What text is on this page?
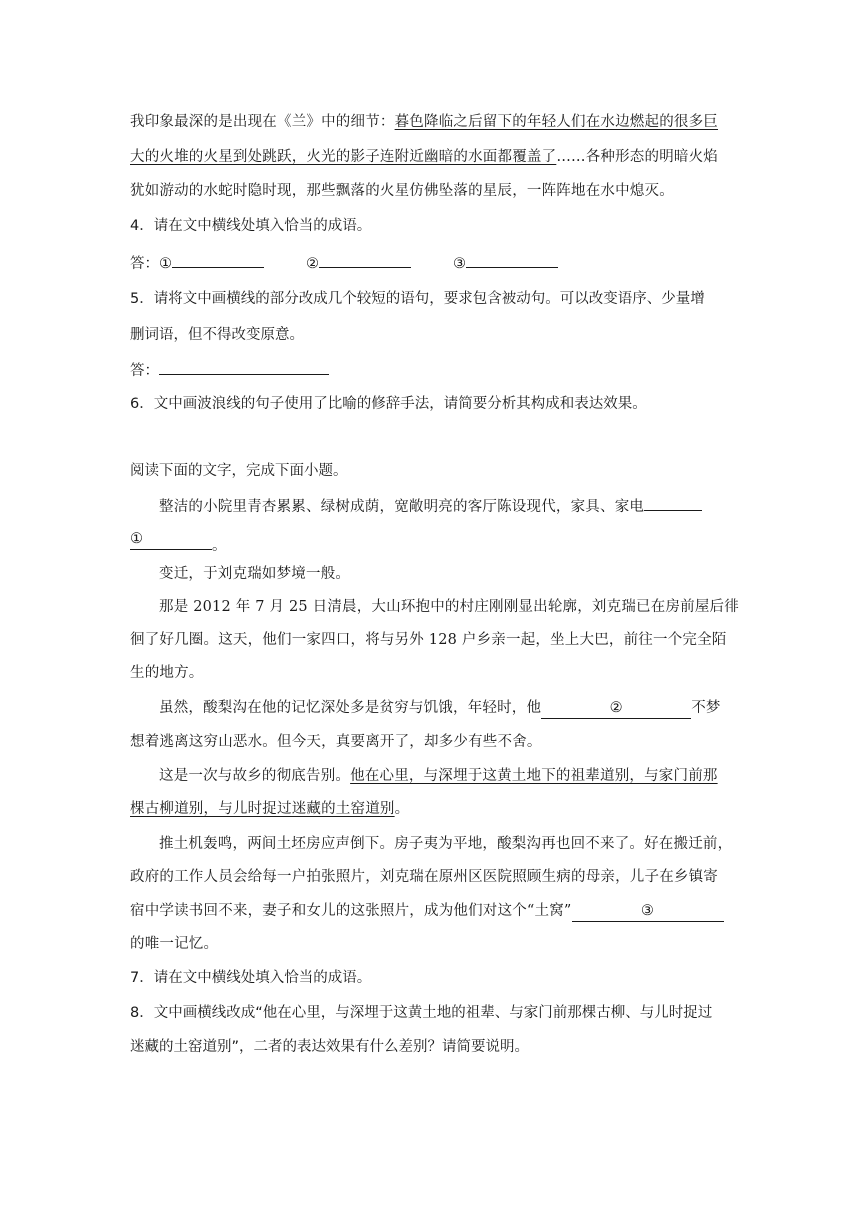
我印象最深的是出现在《兰》中的细节：暮色降临之后留下的年轻人们在水边燃起的很多巨
大的火堆的火星到处跳跃，火光的影子连附近幽暗的水面都覆盖了……各种形态的明暗火焰
犹如游动的水蛇时隐时现，那些飘落的火星仿佛坠落的星辰，一阵阵地在水中熄灭。
4．请在文中横线处填入恰当的成语。
答：①	②	③
5．请将文中画横线的部分改成几个较短的语句，要求包含被动句。可以改变语序、少量增
删词语，但不得改变原意。
答：
6．文中画波浪线的句子使用了比喻的修辞手法，请简要分析其构成和表达效果。
阅读下面的文字，完成下面小题。
整洁的小院里青杏累累、绿树成荫，宽敞明亮的客厅陈设现代，家具、家电
①	。
变迁，于刘克瑞如梦境一般。
那是 2012 年 7 月 25 日清晨，大山环抱中的村庄刚刚显出轮廓，刘克瑞已在房前屋后徘
徊了好几圈。这天，他们一家四口，将与另外 128 户乡亲一起，坐上大巴，前往一个完全陌
生的地方。
虽然，酸梨沟在他的记忆深处多是贫穷与饥饿，年轻时，他	②	不梦
想着逃离这穷山恶水。但今天，真要离开了，却多少有些不舍。
这是一次与故乡的彻底告别。他在心里，与深埋于这黄土地下的祖辈道别，与家门前那
棵古柳道别，与儿时捉过迷藏的土窑道别。
推土机轰鸣，两间土坯房应声倒下。房子夷为平地，酸梨沟再也回不来了。好在搬迁前，
政府的工作人员会给每一户拍张照片，刘克瑞在原州区医院照顾生病的母亲，儿子在乡镇寄
宿中学读书回不来，妻子和女儿的这张照片，成为他们对这个“土窝”	③
的唯一记忆。
7．请在文中横线处填入恰当的成语。
8．文中画横线改成“他在心里，与深埋于这黄土地的祖辈、与家门前那棵古柳、与儿时捉过
迷藏的土窑道别”，二者的表达效果有什么差别？请简要说明。
